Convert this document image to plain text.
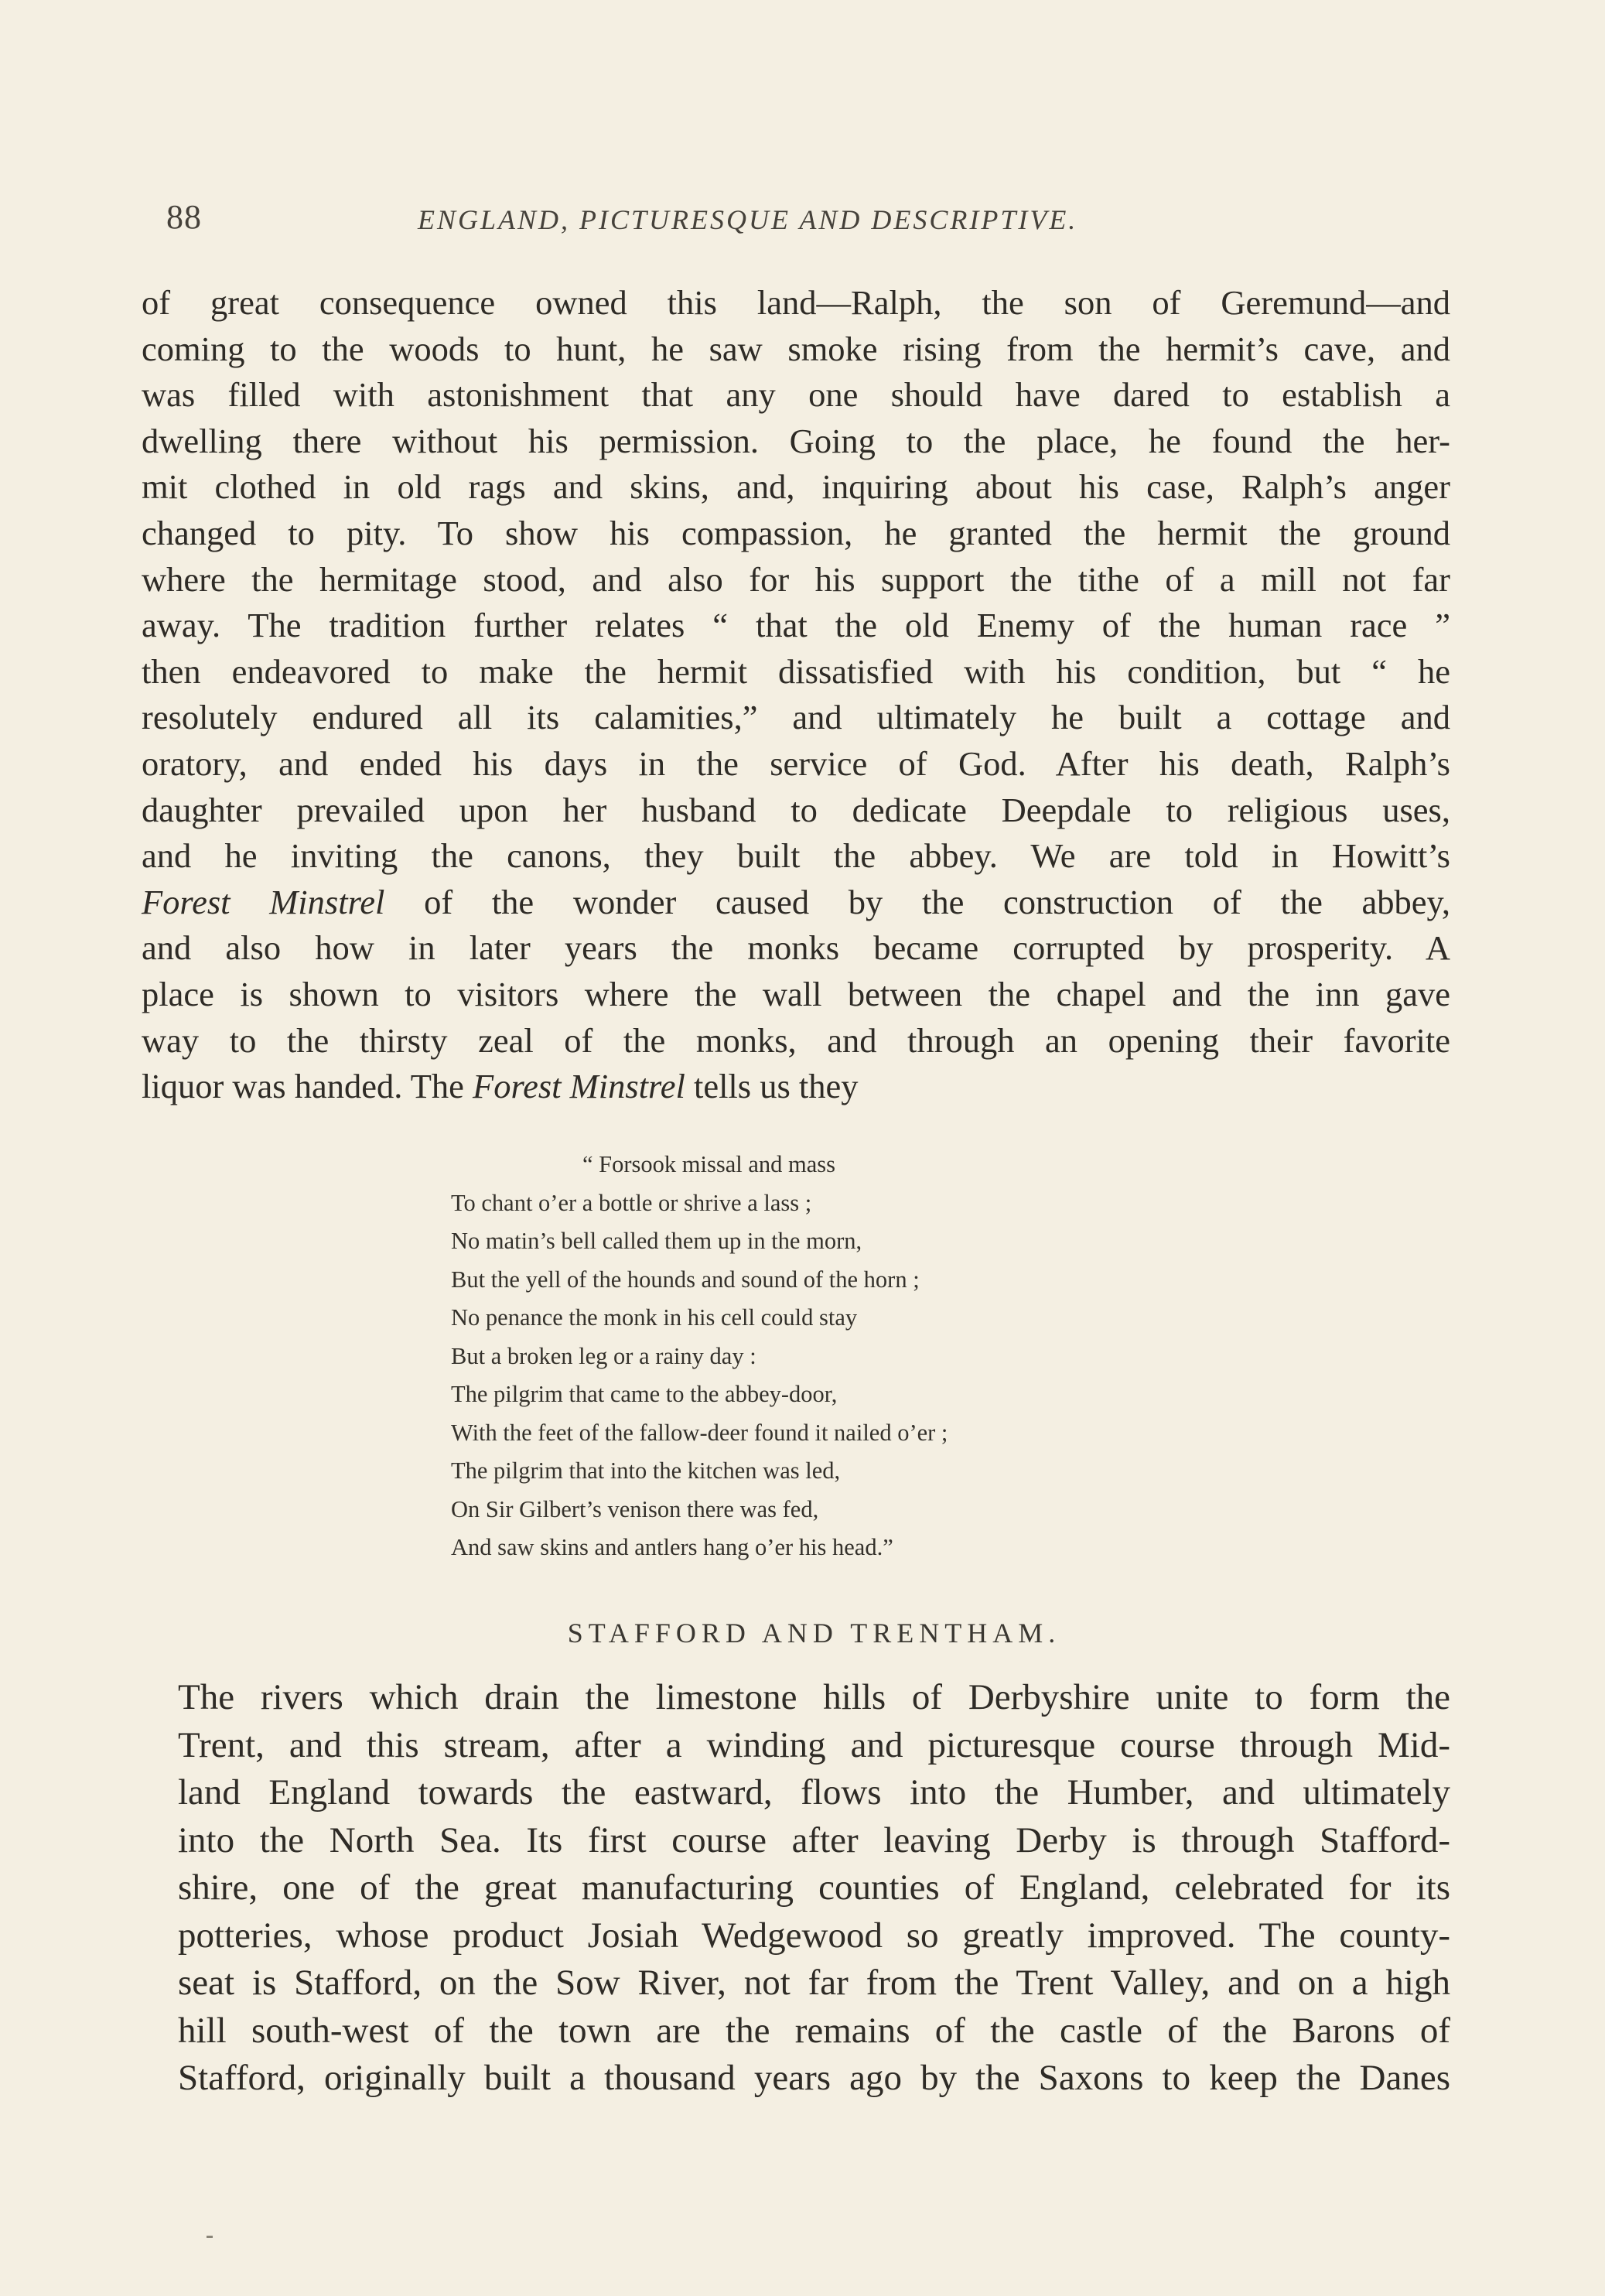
88	ENGLAND, PICTURESQUE AND DESCRIPTIVE.
of great consequence owned this land—Ralph, the son of Geremund—and
coming to the woods to hunt, he saw smoke rising from the hermit’s cave, and
was filled with astonishment that any one should have dared to establish a
dwelling there without his permission. Going to the place, he found the her-
mit clothed in old rags and skins, and, inquiring about his case, Ralph’s anger
changed to pity. To show his compassion, he granted the hermit the ground
where the hermitage stood, and also for his support the tithe of a mill not far
away. The tradition further relates “ that the old Enemy of the human race ”
then endeavored to make the hermit dissatisfied with his condition, but “ he
resolutely endured all its calamities,” and ultimately he built a cottage and
oratory, and ended his days in the service of God. After his death, Ralph’s
daughter prevailed upon her husband to dedicate Deepdale to religious uses,
and he inviting the canons, they built the abbey. We are told in Howitt’s
Forest Minstrel of the wonder caused by the construction of the abbey,
and also how in later years the monks became corrupted by prosperity. A
place is shown to visitors where the wall between the chapel and the inn gave
way to the thirsty zeal of the monks, and through an opening their favorite
liquor was handed. The Forest Minstrel tells us they
“ Forsook missal and mass
To chant o’er a bottle or shrive a lass ;
No matin’s bell called them up in the morn,
But the yell of the hounds and sound of the horn ;
No penance the monk in his cell could stay
But a broken leg or a rainy day :
The pilgrim that came to the abbey-door,
With the feet of the fallow-deer found it nailed o’er ;
The pilgrim that into the kitchen was led,
On Sir Gilbert’s venison there was fed,
And saw skins and antlers hang o’er his head.”
STAFFORD AND TRENTHAM.
The rivers which drain the limestone hills of Derbyshire unite to form the
Trent, and this stream, after a winding and picturesque course through Mid-
land England towards the eastward, flows into the Humber, and ultimately
into the North Sea. Its first course after leaving Derby is through Stafford-
shire, one of the great manufacturing counties of England, celebrated for its
potteries, whose product Josiah Wedgewood so greatly improved. The county-
seat is Stafford, on the Sow River, not far from the Trent Valley, and on a high
hill south-west of the town are the remains of the castle of the Barons of
Stafford, originally built a thousand years ago by the Saxons to keep the Danes
